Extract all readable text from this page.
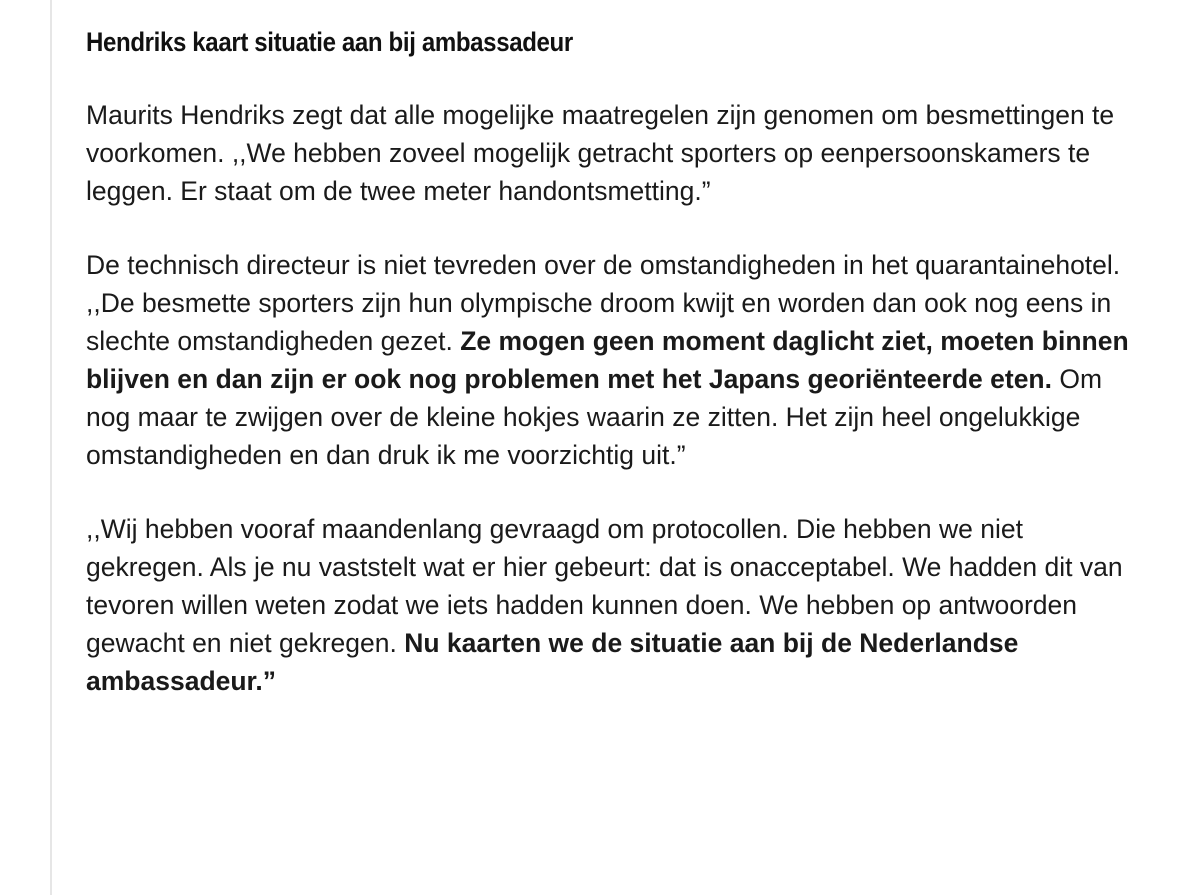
Hendriks kaart situatie aan bij ambassadeur

Maurits Hendriks zegt dat alle mogelijke maatregelen zijn genomen om besmettingen te voorkomen. ,,We hebben zoveel mogelijk getracht sporters op eenpersoonskamers te leggen. Er staat om de twee meter handontsmetting.”

De technisch directeur is niet tevreden over de omstandigheden in het quarantainehotel. ,,De besmette sporters zijn hun olympische droom kwijt en worden dan ook nog eens in slechte omstandigheden gezet. Ze mogen geen moment daglicht ziet, moeten binnen blijven en dan zijn er ook nog problemen met het Japans georiënteerde eten. Om nog maar te zwijgen over de kleine hokjes waarin ze zitten. Het zijn heel ongelukkige omstandigheden en dan druk ik me voorzichtig uit.”

,,Wij hebben vooraf maandenlang gevraagd om protocollen. Die hebben we niet gekregen. Als je nu vaststelt wat er hier gebeurt: dat is onacceptabel. We hadden dit van tevoren willen weten zodat we iets hadden kunnen doen. We hebben op antwoorden gewacht en niet gekregen. Nu kaarten we de situatie aan bij de Nederlandse ambassadeur.”
